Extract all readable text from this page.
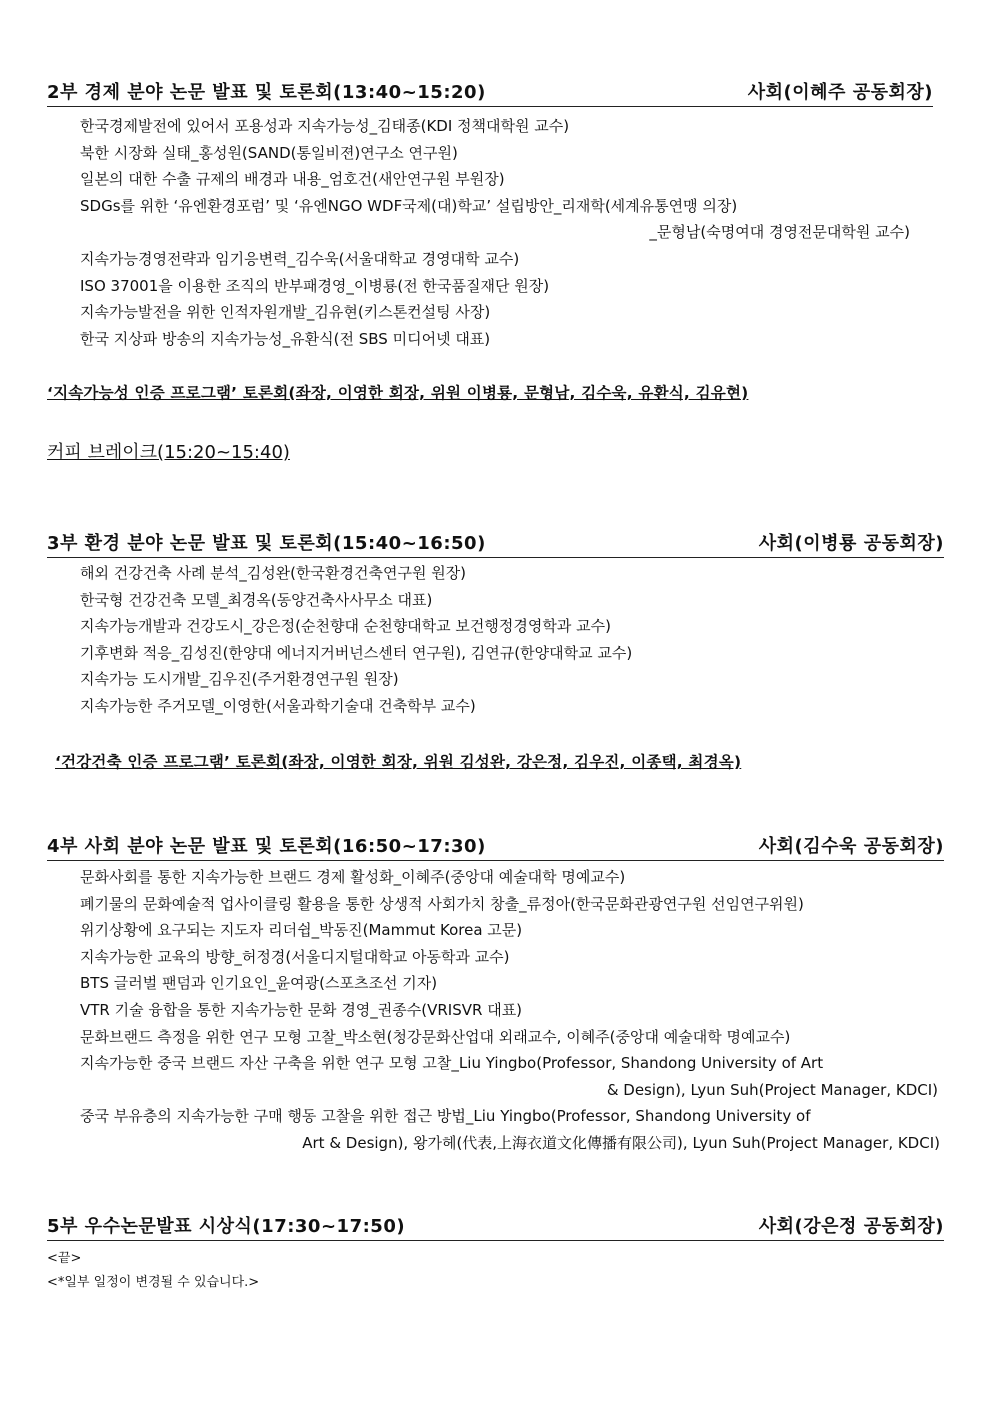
2부 경제 분야 논문 발표 및 토론회(13:40~15:20)	사회(이혜주 공동회장)
한국경제발전에 있어서 포용성과 지속가능성_김태종(KDI 정책대학원 교수)
북한 시장화 실태_홍성원(SAND(통일비젼)연구소 연구원)
일본의 대한 수출 규제의 배경과 내용_엄호건(새안연구원 부원장)
SDGs를 위한 ‘유엔환경포럼’ 및 ‘유엔NGO WDF국제(대)학교’ 설립방안_리재학(세계유통연맹 의장)
_문형남(숙명여대 경영전문대학원 교수)
지속가능경영전략과 임기응변력_김수욱(서울대학교 경영대학 교수)
ISO 37001을 이용한 조직의 반부패경영_이병룡(전 한국품질재단 원장)
지속가능발전을 위한 인적자원개발_김유현(키스톤컨설팅 사장)
한국 지상파 방송의 지속가능성_유환식(전 SBS 미디어넷 대표)
‘지속가능성 인증 프로그램’ 토론회(좌장, 이영한 회장, 위원 이병룡, 문형남, 김수욱, 유환식, 김유현)
커피 브레이크(15:20~15:40)
3부 환경 분야 논문 발표 및 토론회(15:40~16:50)	사회(이병룡 공동회장)
해외 건강건축 사례 분석_김성완(한국환경건축연구원 원장)
한국형 건강건축 모델_최경옥(동양건축사사무소 대표)
지속가능개발과 건강도시_강은정(순천향대 순천향대학교 보건행정경영학과 교수)
기후변화 적응_김성진(한양대 에너지거버넌스센터 연구원), 김연규(한양대학교 교수)
지속가능 도시개발_김우진(주거환경연구원 원장)
지속가능한 주거모델_이영한(서울과학기술대 건축학부 교수)
‘건강건축 인증 프로그램’ 토론회(좌장, 이영한 회장, 위원 김성완, 강은정, 김우진, 이종택, 최경옥)
4부 사회 분야 논문 발표 및 토론회(16:50~17:30)	사회(김수욱 공동회장)
문화사회를 통한 지속가능한 브랜드 경제 활성화_이혜주(중앙대 예술대학 명예교수)
폐기물의 문화예술적 업사이클링 활용을 통한 상생적 사회가치 창출_류정아(한국문화관광연구원 선임연구위원)
위기상황에 요구되는 지도자 리더쉽_박동진(Mammut Korea 고문)
지속가능한 교육의 방향_허정경(서울디지털대학교 아동학과 교수)
BTS 글러벌 팬덤과 인기요인_윤여광(스포츠조선 기자)
VTR 기술 융합을 통한 지속가능한 문화 경영_권종수(VRISVR 대표)
문화브랜드 측정을 위한 연구 모형 고찰_박소현(청강문화산업대 외래교수, 이혜주(중앙대 예술대학 명예교수)
지속가능한 중국 브랜드 자산 구축을 위한 연구 모형 고찰_Liu Yingbo(Professor, Shandong University of Art
& Design), Lyun Suh(Project Manager, KDCI)
중국 부유층의 지속가능한 구매 행동 고찰을 위한 접근 방법_Liu Yingbo(Professor, Shandong University of
Art & Design), 왕가헤(代表,上海衣道文化傳播有限公司), Lyun Suh(Project Manager, KDCI)
5부 우수논문발표 시상식(17:30~17:50)	사회(강은정 공동회장)
<끝>
<*일부 일정이 변경될 수 있습니다.>
